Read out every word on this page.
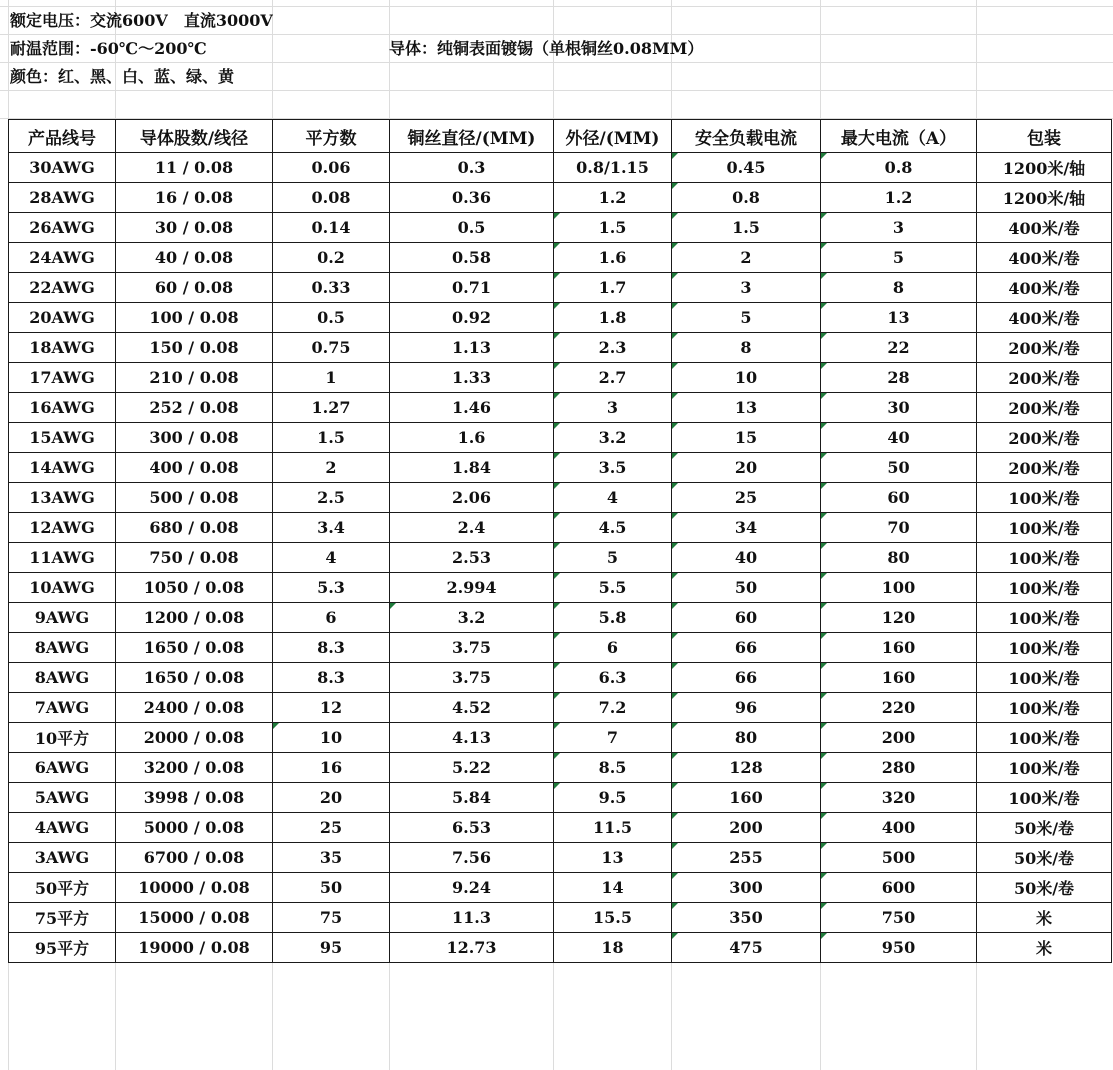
额定电压：交流600V　直流3000V
耐温范围：-60℃～200℃	导体：纯铜表面镀锡（单根铜丝0.08MM）
颜色：红、黑、白、蓝、绿、黄
产品线号	导体股数/线径	平方数	铜丝直径/(MM)	外径/(MM)	安全负载电流	最大电流（A）	包装
30AWG	11 / 0.08	0.06	0.3	0.8/1.15	0.45	0.8	1200米/轴
28AWG	16 / 0.08	0.08	0.36	1.2	0.8	1.2	1200米/轴
26AWG	30 / 0.08	0.14	0.5	1.5	1.5	3	400米/卷
24AWG	40 / 0.08	0.2	0.58	1.6	2	5	400米/卷
22AWG	60 / 0.08	0.33	0.71	1.7	3	8	400米/卷
20AWG	100 / 0.08	0.5	0.92	1.8	5	13	400米/卷
18AWG	150 / 0.08	0.75	1.13	2.3	8	22	200米/卷
17AWG	210 / 0.08	1	1.33	2.7	10	28	200米/卷
16AWG	252 / 0.08	1.27	1.46	3	13	30	200米/卷
15AWG	300 / 0.08	1.5	1.6	3.2	15	40	200米/卷
14AWG	400 / 0.08	2	1.84	3.5	20	50	200米/卷
13AWG	500 / 0.08	2.5	2.06	4	25	60	100米/卷
12AWG	680 / 0.08	3.4	2.4	4.5	34	70	100米/卷
11AWG	750 / 0.08	4	2.53	5	40	80	100米/卷
10AWG	1050 / 0.08	5.3	2.994	5.5	50	100	100米/卷
9AWG	1200 / 0.08	6	3.2	5.8	60	120	100米/卷
8AWG	1650 / 0.08	8.3	3.75	6	66	160	100米/卷
8AWG	1650 / 0.08	8.3	3.75	6.3	66	160	100米/卷
7AWG	2400 / 0.08	12	4.52	7.2	96	220	100米/卷
10平方	2000 / 0.08	10	4.13	7	80	200	100米/卷
6AWG	3200 / 0.08	16	5.22	8.5	128	280	100米/卷
5AWG	3998 / 0.08	20	5.84	9.5	160	320	100米/卷
4AWG	5000 / 0.08	25	6.53	11.5	200	400	50米/卷
3AWG	6700 / 0.08	35	7.56	13	255	500	50米/卷
50平方	10000 / 0.08	50	9.24	14	300	600	50米/卷
75平方	15000 / 0.08	75	11.3	15.5	350	750	米
95平方	19000 / 0.08	95	12.73	18	475	950	米
